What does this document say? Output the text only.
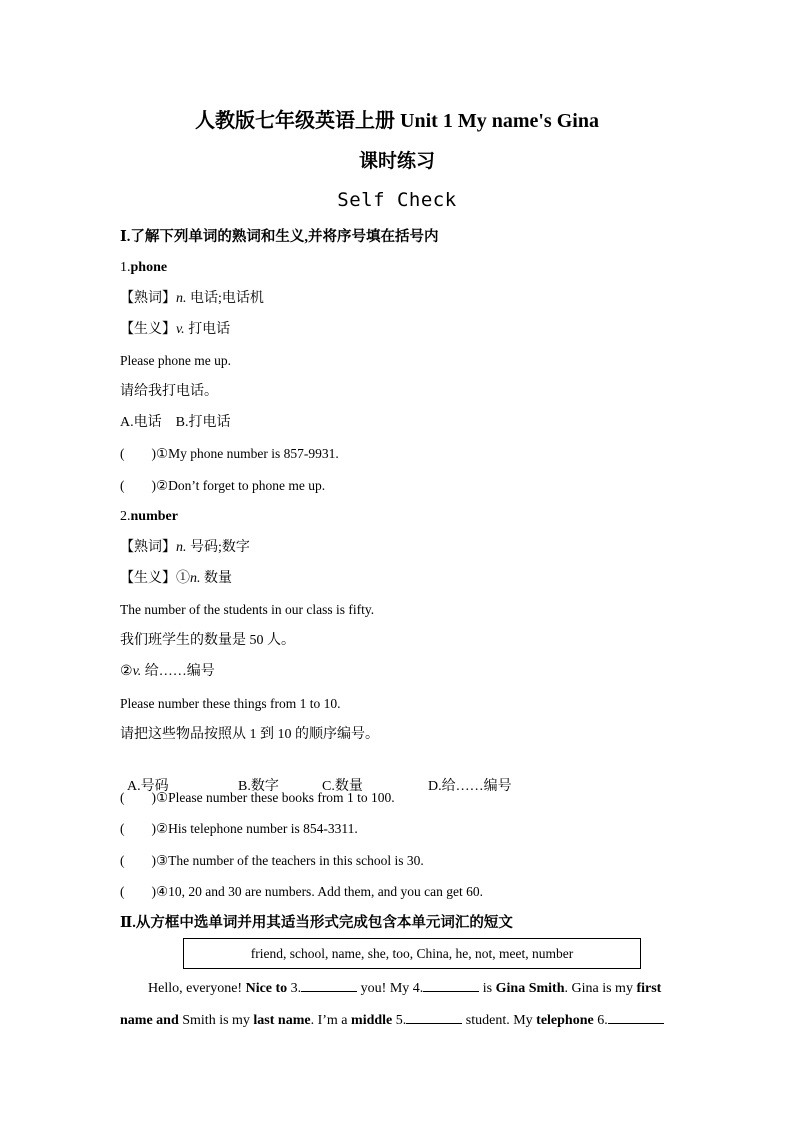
人教版七年级英语上册 Unit 1 My name's Gina
课时练习
Self Check
Ⅰ.了解下列单词的熟词和生义,并将序号填在括号内
1.phone
【熟词】n. 电话;电话机
【生义】v. 打电话
Please phone me up.
请给我打电话。
A.电话    B.打电话
(        )①My phone number is 857-9931.
(        )②Don’t forget to phone me up.
2.number
【熟词】n. 号码;数字
【生义】①n. 数量
The number of the students in our class is fifty.
我们班学生的数量是 50 人。
②v. 给……编号
Please number these things from 1 to 10.
请把这些物品按照从 1 到 10 的顺序编号。

A.号码	B.数字	C.数量	D.给……编号

(        )①Please number these books from 1 to 100.
(        )②His telephone number is 854-3311.
(        )③The number of the teachers in this school is 30.
(        )④10, 20 and 30 are numbers. Add them, and you can get 60.
Ⅱ.从方框中选单词并用其适当形式完成包含本单元词汇的短文
friend, school, name, she, too, China, he, not, meet, number
Hello, everyone! Nice to 3.	you! My 4.	is Gina Smith. Gina is my first
name and Smith is my last name. I’m a middle 5.	student. My telephone 6.
